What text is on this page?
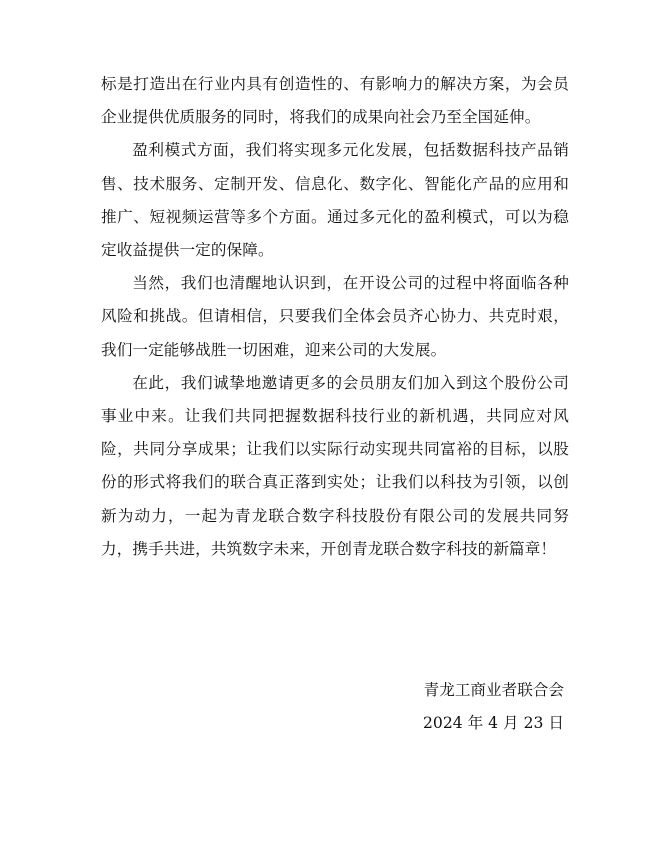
标是打造出在行业内具有创造性的、有影响力的解决方案，为会员企业提供优质服务的同时，将我们的成果向社会乃至全国延伸。

盈利模式方面，我们将实现多元化发展，包括数据科技产品销售、技术服务、定制开发、信息化、数字化、智能化产品的应用和推广、短视频运营等多个方面。通过多元化的盈利模式，可以为稳定收益提供一定的保障。

当然，我们也清醒地认识到，在开设公司的过程中将面临各种风险和挑战。但请相信，只要我们全体会员齐心协力、共克时艰，我们一定能够战胜一切困难，迎来公司的大发展。

在此，我们诚挚地邀请更多的会员朋友们加入到这个股份公司事业中来。让我们共同把握数据科技行业的新机遇，共同应对风险，共同分享成果；让我们以实际行动实现共同富裕的目标，以股份的形式将我们的联合真正落到实处；让我们以科技为引领，以创新为动力，一起为青龙联合数字科技股份有限公司的发展共同努力，携手共进，共筑数字未来，开创青龙联合数字科技的新篇章！

青龙工商业者联合会
2024 年 4 月 23 日
